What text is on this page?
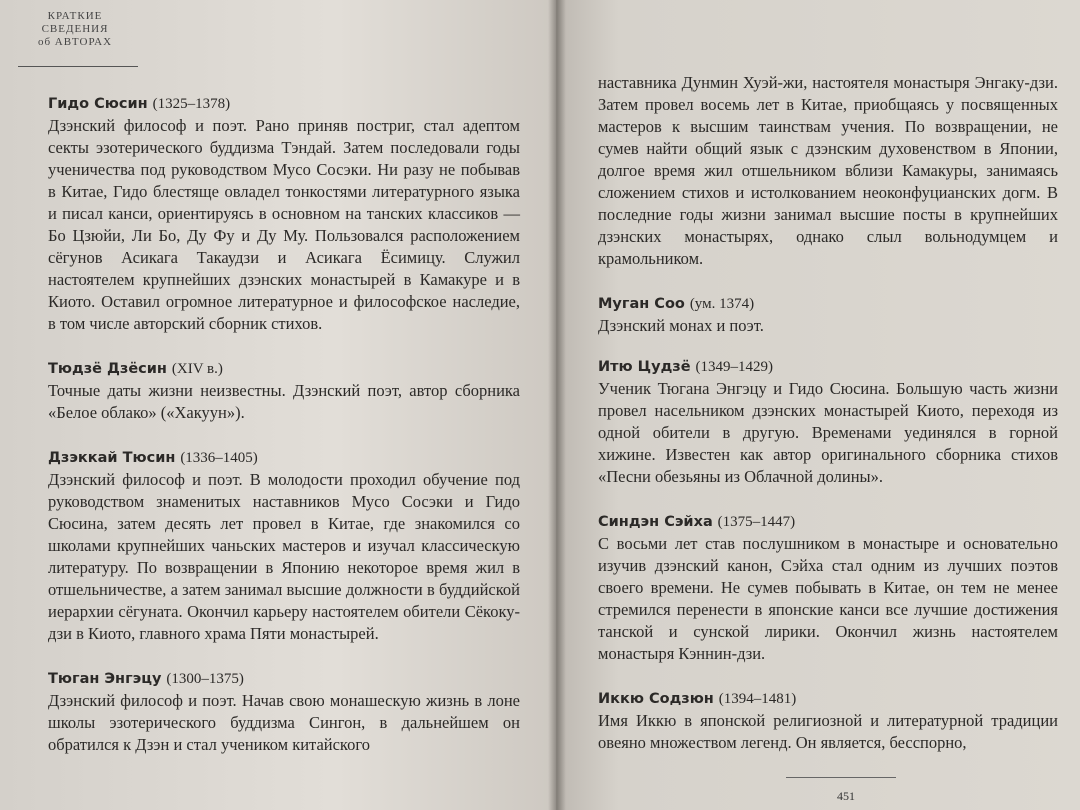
КРАТКИЕ
СВЕДЕНИЯ
об АВТОРАХ
Гидо Сюсин (1325–1378)
Дзэнский философ и поэт. Рано приняв постриг, стал адептом секты эзотерического буддизма Тэндай. Затем последовали годы ученичества под руководством Мусо Сосэки. Ни разу не побывав в Китае, Гидо блестяще овладел тонкостями литературного языка и писал канси, ориентируясь в основном на танских классиков — Бо Цзюйи, Ли Бо, Ду Фу и Ду Му. Пользовался расположением сёгунов Асикага Такаудзи и Асикага Ёсимицу. Служил настоятелем крупнейших дзэнских монастырей в Камакуре и в Киото. Оставил огромное литературное и философское наследие, в том числе авторский сборник стихов.
Тюдзё Дзёсин (XIV в.)
Точные даты жизни неизвестны. Дзэнский поэт, автор сборника «Белое облако» («Хакуун»).
Дзэккай Тюсин (1336–1405)
Дзэнский философ и поэт. В молодости проходил обучение под руководством знаменитых наставников Мусо Сосэки и Гидо Сюсина, затем десять лет провел в Китае, где знакомился со школами крупнейших чаньских мастеров и изучал классическую литературу. По возвращении в Японию некоторое время жил в отшельничестве, а затем занимал высшие должности в буддийской иерархии сёгуната. Окончил карьеру настоятелем обители Сёкоку-дзи в Киото, главного храма Пяти монастырей.
Тюган Энгэцу (1300–1375)
Дзэнский философ и поэт. Начав свою монашескую жизнь в лоне школы эзотерического буддизма Сингон, в дальнейшем он обратился к Дзэн и стал учеником китайского
наставника Дунмин Хуэй-жи, настоятеля монастыря Энгаку-дзи. Затем провел восемь лет в Китае, приобщаясь у посвященных мастеров к высшим таинствам учения. По возвращении, не сумев найти общий язык с дзэнским духовенством в Японии, долгое время жил отшельником вблизи Камакуры, занимаясь сложением стихов и истолкованием неоконфуцианских догм. В последние годы жизни занимал высшие посты в крупнейших дзэнских монастырях, однако слыл вольнодумцем и крамольником.
Муган Соо (ум. 1374)
Дзэнский монах и поэт.
Итю Цудзё (1349–1429)
Ученик Тюгана Энгэцу и Гидо Сюсина. Большую часть жизни провел насельником дзэнских монастырей Киото, переходя из одной обители в другую. Временами уединялся в горной хижине. Известен как автор оригинального сборника стихов «Песни обезьяны из Облачной долины».
Синдэн Сэйха (1375–1447)
С восьми лет став послушником в монастыре и основательно изучив дзэнский канон, Сэйха стал одним из лучших поэтов своего времени. Не сумев побывать в Китае, он тем не менее стремился перенести в японские канси все лучшие достижения танской и сунской лирики. Окончил жизнь настоятелем монастыря Кэннин-дзи.
Иккю Содзюн (1394–1481)
Имя Иккю в японской религиозной и литературной традиции овеяно множеством легенд. Он является, бесспорно,
451
